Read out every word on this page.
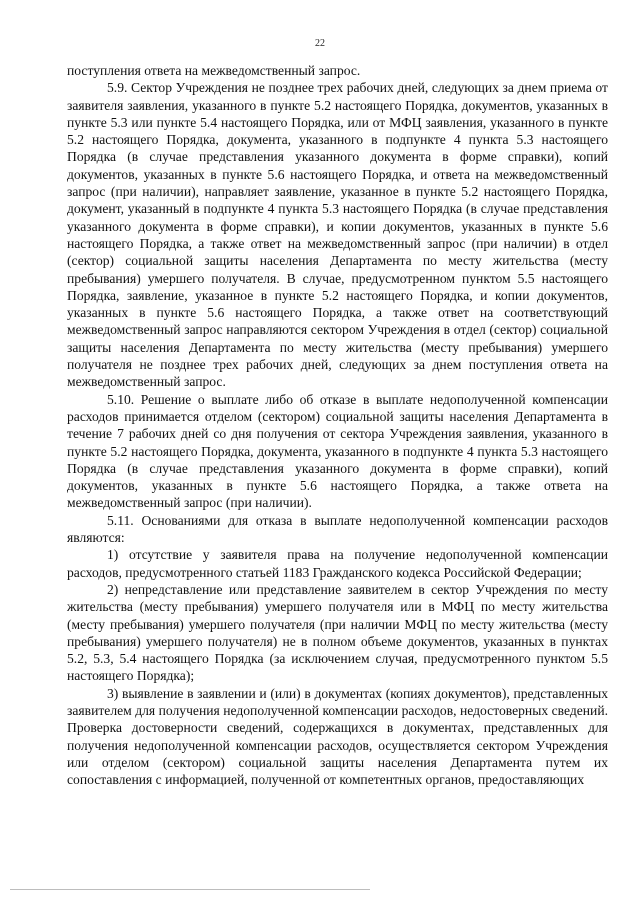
22

поступления ответа на межведомственный запрос.

5.9. Сектор Учреждения не позднее трех рабочих дней, следующих за днем приема от заявителя заявления, указанного в пункте 5.2 настоящего Порядка, документов, указанных в пункте 5.3 или пункте 5.4 настоящего Порядка, или от МФЦ заявления, указанного в пункте 5.2 настоящего Порядка, документа, указанного в подпункте 4 пункта 5.3 настоящего Порядка (в случае представления указанного документа в форме справки), копий документов, указанных в пункте 5.6 настоящего Порядка, и ответа на межведомственный запрос (при наличии), направляет заявление, указанное в пункте 5.2 настоящего Порядка, документ, указанный в подпункте 4 пункта 5.3 настоящего Порядка (в случае представления указанного документа в форме справки), и копии документов, указанных в пункте 5.6 настоящего Порядка, а также ответ на межведомственный запрос (при наличии) в отдел (сектор) социальной защиты населения Департамента по месту жительства (месту пребывания) умершего получателя. В случае, предусмотренном пунктом 5.5 настоящего Порядка, заявление, указанное в пункте 5.2 настоящего Порядка, и копии документов, указанных в пункте 5.6 настоящего Порядка, а также ответ на соответствующий межведомственный запрос направляются сектором Учреждения в отдел (сектор) социальной защиты населения Департамента по месту жительства (месту пребывания) умершего получателя не позднее трех рабочих дней, следующих за днем поступления ответа на межведомственный запрос.

5.10. Решение о выплате либо об отказе в выплате недополученной компенсации расходов принимается отделом (сектором) социальной защиты населения Департамента в течение 7 рабочих дней со дня получения от сектора Учреждения заявления, указанного в пункте 5.2 настоящего Порядка, документа, указанного в подпункте 4 пункта 5.3 настоящего Порядка (в случае представления указанного документа в форме справки), копий документов, указанных в пункте 5.6 настоящего Порядка, а также ответа на межведомственный запрос (при наличии).

5.11. Основаниями для отказа в выплате недополученной компенсации расходов являются:

1) отсутствие у заявителя права на получение недополученной компенсации расходов, предусмотренного статьей 1183 Гражданского кодекса Российской Федерации;

2) непредставление или представление заявителем в сектор Учреждения по месту жительства (месту пребывания) умершего получателя или в МФЦ по месту жительства (месту пребывания) умершего получателя (при наличии МФЦ по месту жительства (месту пребывания) умершего получателя) не в полном объеме документов, указанных в пунктах 5.2, 5.3, 5.4 настоящего Порядка (за исключением случая, предусмотренного пунктом 5.5 настоящего Порядка);

3) выявление в заявлении и (или) в документах (копиях документов), представленных заявителем для получения недополученной компенсации расходов, недостоверных сведений. Проверка достоверности сведений, содержащихся в документах, представленных для получения недополученной компенсации расходов, осуществляется сектором Учреждения или отделом (сектором) социальной защиты населения Департамента путем их сопоставления с информацией, полученной от компетентных органов, предоставляющих
